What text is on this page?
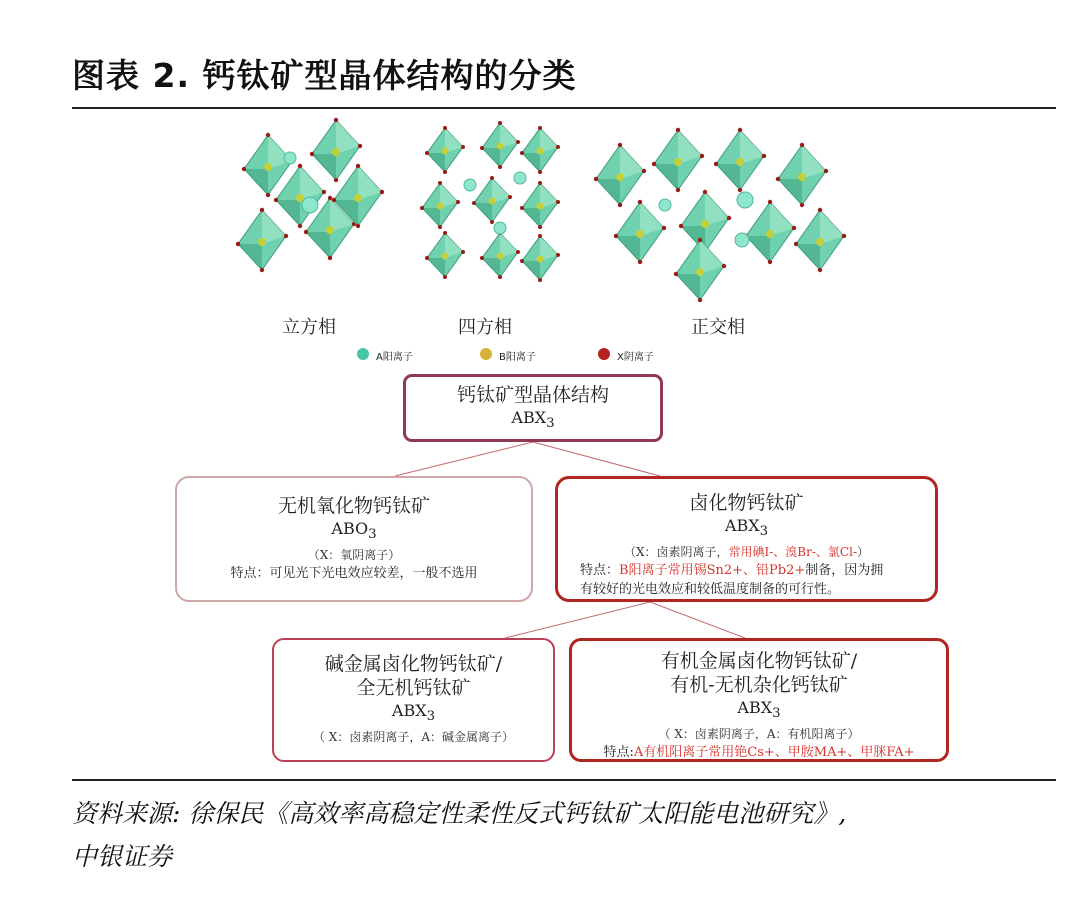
图表 2. 钙钛矿型晶体结构的分类
立方相	四方相	正交相
A阳离子	B阳离子	X阴离子
钙钛矿型晶体结构
$ABX_3$
无机氧化物钙钛矿
$ABO_3$
（X：氧阴离子）
特点：可见光下光电效应较差，一般不选用
卤化物钙钛矿
$ABX_3$
（X：卤素阴离子，常用碘I-、溴Br-、氯Cl-）
特点：B阳离子常用锡Sn2+、铅Pb2+制备，因为拥
有较好的光电效应和较低温度制备的可行性。
碱金属卤化物钙钛矿/
全无机钙钛矿
$ABX_3$
（ X：卤素阴离子，A：碱金属离子）
有机金属卤化物钙钛矿/
有机-无机杂化钙钛矿
$ABX_3$
（ X：卤素阴离子，A：有机阳离子）
特点:A有机阳离子常用铯Cs+、甲胺MA+、甲脒FA+
资料来源: 徐保民《高效率高稳定性柔性反式钙钛矿太阳能电池研究》,
中银证券
